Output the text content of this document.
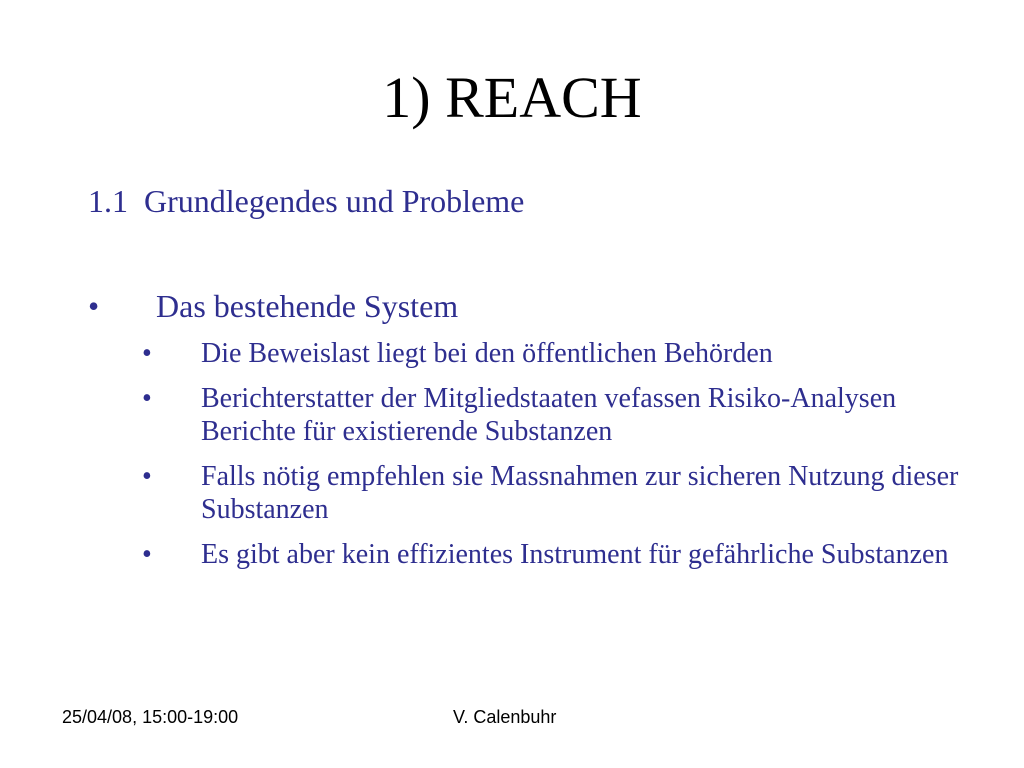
1) REACH
1.1  Grundlegendes und Probleme
•	Das bestehende System
•	Die Beweislast liegt bei den öffentlichen Behörden
•	Berichterstatter der Mitgliedstaaten vefassen Risiko-Analysen Berichte für existierende Substanzen
•	Falls nötig empfehlen sie Massnahmen zur sicheren Nutzung dieser Substanzen
•	Es gibt aber kein effizientes Instrument für gefährliche Substanzen
25/04/08, 15:00-19:00	V. Calenbuhr
